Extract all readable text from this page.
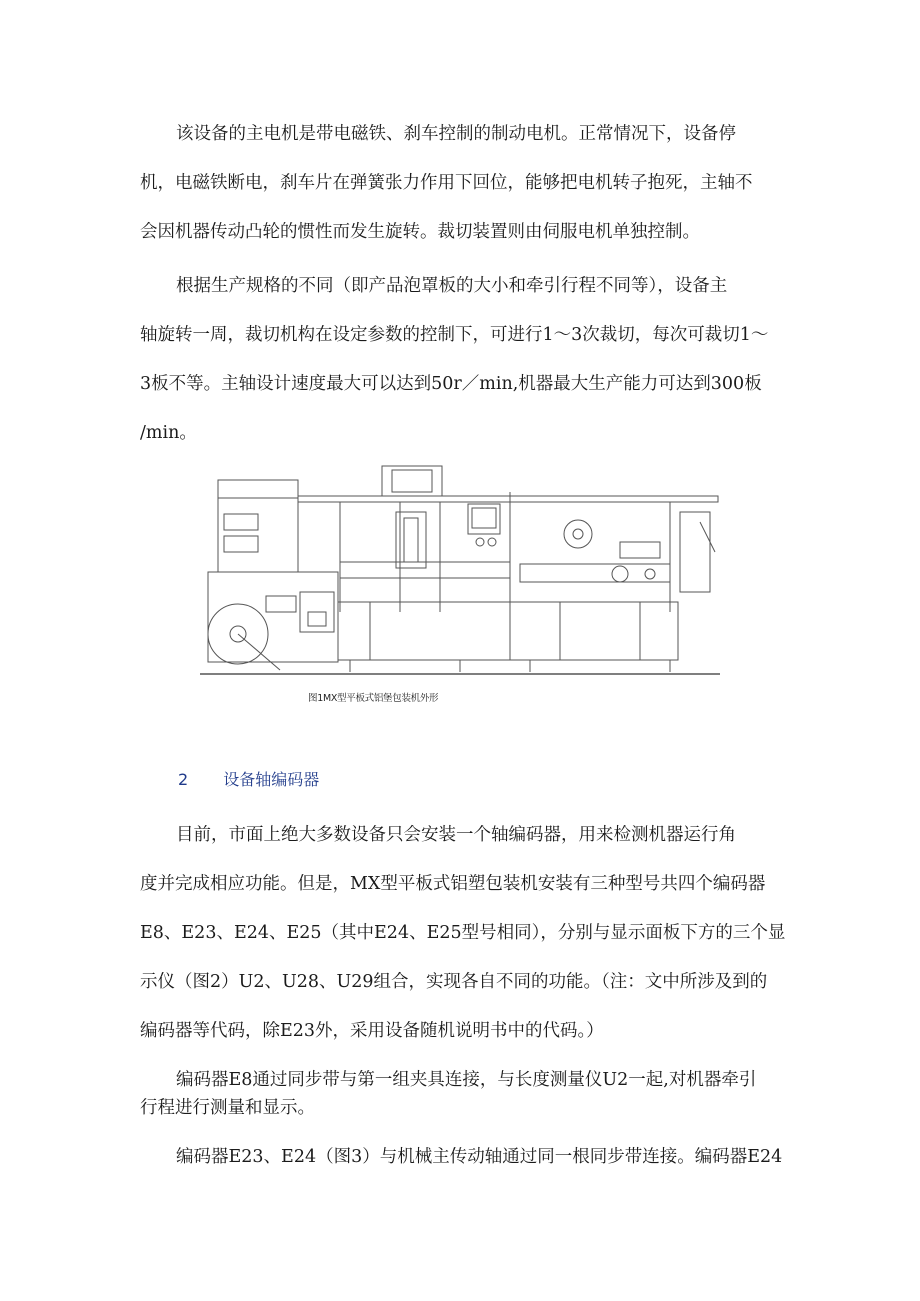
该设备的主电机是带电磁铁、刹车控制的制动电机。正常情况下，设备停
机，电磁铁断电，刹车片在弹簧张力作用下回位，能够把电机转子抱死，主轴不
会因机器传动凸轮的惯性而发生旋转。裁切装置则由伺服电机单独控制。
根据生产规格的不同（即产品泡罩板的大小和牵引行程不同等），设备主
轴旋转一周，裁切机构在设定参数的控制下，可进行1～3次裁切，每次可裁切1～
3板不等。主轴设计速度最大可以达到50r／min,机器最大生产能力可达到300板
/min。
图1MX型平板式铝堡包装机外形
2 设备轴编码器
目前，市面上绝大多数设备只会安装一个轴编码器，用来检测机器运行角
度并完成相应功能。但是，MX型平板式铝塑包装机安装有三种型号共四个编码器
E8、E23、E24、E25（其中E24、E25型号相同），分别与显示面板下方的三个显
示仪（图2）U2、U28、U29组合，实现各自不同的功能。（注：文中所涉及到的
编码器等代码，除E23外，采用设备随机说明书中的代码。）
编码器E8通过同步带与第一组夹具连接，与长度测量仪U2一起,对机器牵引
行程进行测量和显示。
编码器E23、E24（图3）与机械主传动轴通过同一根同步带连接。编码器E24
